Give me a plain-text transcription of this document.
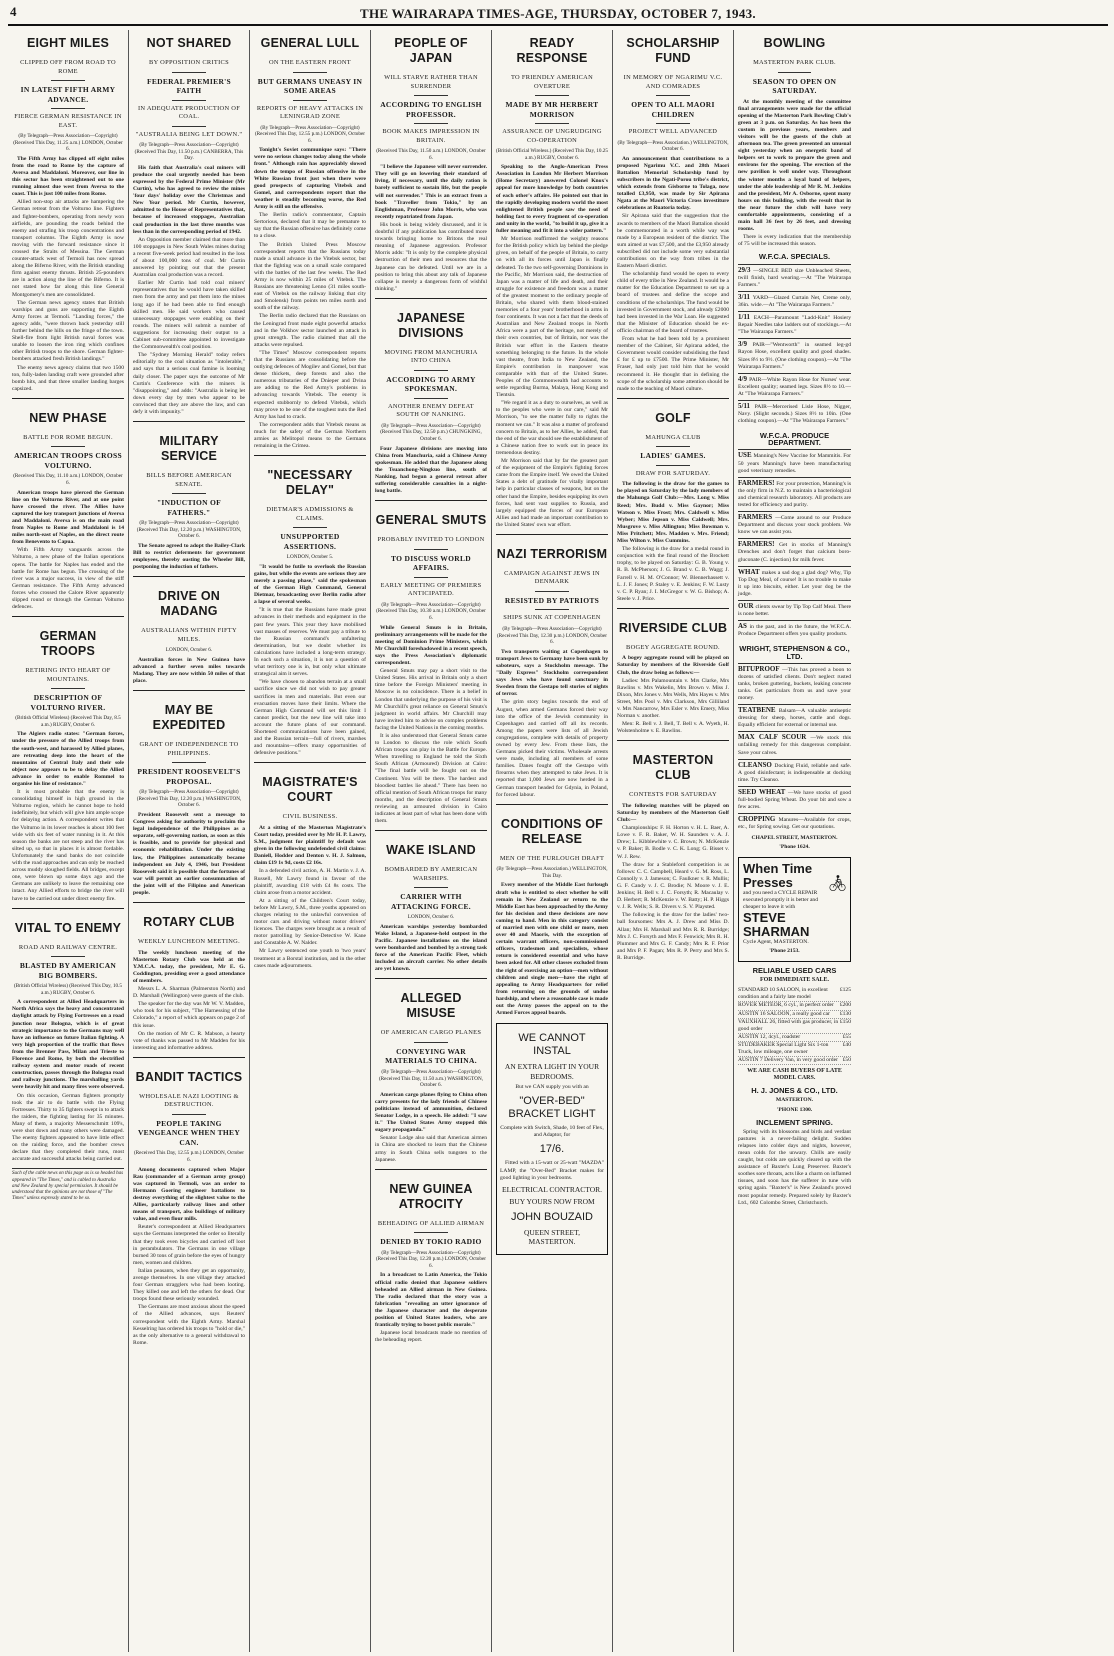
4	THE WAIRARAPA TIMES-AGE, THURSDAY, OCTOBER 7, 1943.
EIGHT MILES
CLIPPED OFF FROM ROAD TO ROME
IN LATEST FIFTH ARMY ADVANCE.
FIERCE GERMAN RESISTANCE IN EAST.
(By Telegraph—Press Association—Copyright) (Received This Day, 11.25 a.m.) LONDON, October 6.
The Fifth Army has clipped off eight miles from the road to Rome by the capture of Aversa and Maddaloni. Moreover, our line in this sector has been straightened out to one running almost due west from Aversa to the coast. This is just 100 miles from Rome.
Allied non-stop air attacks are hampering the German retreat from the Volturno line. Fighters and fighter-bombers, operating from newly won airfields, are pounding the roads behind the enemy and strafing his troop concentrations and transport columns. The Eighth Army is now moving with the forward resistance since it crossed the Straits of Messina. The German counter-attack west of Termoli has now spread along the Biferno River, with the British standing firm against enemy thrusts. British 25-pounders are in action along the line of the Biferno. It is not stated how far along this line General Montgomery's men are consolidated.
The German news agency states that British warships and guns are supporting the Eighth Army forces at Termoli. "Landing forces," the agency adds, "were thrown back yesterday still further behind the hills on the fringe of the town. Shell-fire from light British naval forces was unable to loosen the iron ring which confines other British troops to the shore. German fighter-bombers attacked fresh British landings."
The enemy news agency claims that two 1500 ton, fully-laden landing craft were grounded after bomb hits, and that three smaller landing barges capsized.
NEW PHASE
BATTLE FOR ROME BEGUN.
AMERICAN TROOPS CROSS VOLTURNO.
(Received This Day, 11.10 a.m.) LONDON, October 6.
American troops have pierced the German line on the Volturno River, and at one point have crossed the river. The Allies have captured the key transport junctions of Aversa and Maddaloni. Aversa is on the main road from Naples to Rome and Maddaloni is 14 miles north-east of Naples, on the direct route from Benevento to Capua.
With Fifth Army vanguards across the Volturno, a new phase of the Italian operations opens. The battle for Naples has ended and the battle for Rome has begun. The crossing of the river was a major success, in view of the stiff German resistance. The Fifth Army advanced forces who crossed the Calore River apparently slipped round or through the German Volturno defences.
GERMAN TROOPS
RETIRING INTO HEART OF MOUNTAINS.
DESCRIPTION OF VOLTURNO RIVER.
(British Official Wireless) (Received This Day, 8.5 a.m.) RUGBY, October 6.
The Algiers radio states: "German forces, under the pressure of the Allied troops from the south-west, and harassed by Allied planes, are retreating deep into the heart of the mountains of Central Italy and their sole object now appears to be to delay the Allied advance in order to enable Rommel to organise his line of resistance."
It is most probable that the enemy is consolidating himself in high ground in the Volturno region, which he cannot hope to hold indefinitely, but which will give him ample scope for delaying action. A correspondent writes that the Volturno in its lower reaches is about 100 feet wide with six feet of water running in it. At this season the banks are not steep and the river has silted up, so that in places it is almost fordable. Unfortunately the sand banks do not coincide with the road approaches and can only be reached across muddy sloughed fields. All bridges, except one, were blown up some days ago and the Germans are unlikely to leave the remaining one intact. Any Allied efforts to bridge the river will have to be carried out under direct enemy fire.
VITAL TO ENEMY
ROAD AND RAILWAY CENTRE.
BLASTED BY AMERICAN BIG BOMBERS.
(British Official Wireless) (Received This Day, 10.5 a.m.) RUGBY, October 6.
A correspondent at Allied Headquarters in North Africa says the heavy and concentrated daylight attack by Flying Fortresses on a road junction near Bologna, which is of great strategic importance to the Germans may well have an influence on future Italian fighting. A very high proportion of the traffic that flows from the Brenner Pass, Milan and Trieste to Florence and Rome, by both the electrified railway system and motor roads of recent construction, passes through the Bologna road and railway junctions. The marshalling yards were heavily hit and many fires were observed.
On this occasion, German fighters promptly took the air to do battle with the Flying Fortresses. Thirty to 35 fighters swept in to attack the raiders, the fighting lasting for 35 minutes. Many of them, a majority Messerschmitt 109's, were shot down and many others were damaged. The enemy fighters appeared to have little effect on the raiding force, and the bomber crews declare that they completed their runs, most accurate and successful attacks being carried out.
Such of the cable news on this page as is so headed has appeared in "The Times," and is cabled to Australia and New Zealand by special permission. It should be understood that the opinions are not those of "The Times" unless expressly stated to be so.
NOT SHARED
BY OPPOSITION CRITICS
FEDERAL PREMIER'S FAITH
IN ADEQUATE PRODUCTION OF COAL.
"AUSTRALIA BEING LET DOWN."
(By Telegraph—Press Association—Copyright) (Received This Day, 11.50 p.m.) CANBERRA, This Day.
His faith that Australia's coal miners will produce the coal urgently needed has been expressed by the Federal Prime Minister (Mr Curtin), who has agreed to review the mines 'four days' holiday over the Christmas and New Year period. Mr Curtin, however, admitted to the House of Representatives that, because of increased stoppages, Australian coal production in the last three months was less than in the corresponding period of 1942.
An Opposition member claimed that more than 100 stoppages in New South Wales mines during a recent five-week period had resulted in the loss of about 100,000 tons of coal. Mr Curtin answered by pointing out that the present Australian coal production was a record.
Earlier Mr Curtin had told coal miners' representatives that he would have taken skilled men from the army and put them into the mines long ago if he had been able to find enough skilled men. He said workers who caused unnecessary stoppages were enabling on their rounds. The miners will submit a number of suggestions for increasing their output to a Cabinet sub-committee appointed to investigate the Commonwealth's coal position.
The "Sydney Morning Herald" today refers editorially to the coal situation as "intolerable," and says that a serious coal famine is looming daily closer. The paper says the outcome of Mr Curtin's Conference with the miners is "disappointing," and adds: "Australia is being let down every day by men who appear to be convinced that they are above the law, and can defy it with impunity."
MILITARY SERVICE
BILLS BEFORE AMERICAN SENATE.
"INDUCTION OF FATHERS."
(By Telegraph—Press Association—Copyright) (Received This Day, 12.20 p.m.) WASHINGTON, October 6.
The Senate agreed to adopt the Bailey-Clark Bill to restrict deferments for government employees, thereby ousting the Wheeler Bill, postponing the induction of fathers.
DRIVE ON MADANG
AUSTRALIANS WITHIN FIFTY MILES.
LONDON, October 6.
Australian forces in New Guinea have advanced a further seven miles towards Madang. They are now within 50 miles of that place.
MAY BE EXPEDITED
GRANT OF INDEPENDENCE TO PHILIPPINES.
PRESIDENT ROOSEVELT'S PROPOSAL.
(By Telegraph—Press Association—Copyright) (Received This Day, 12.20 p.m.) WASHINGTON, October 6.
President Roosevelt sent a message to Congress asking for authority to proclaim the legal independence of the Philippines as a separate, self-governing nation, as soon as this is feasible, and to provide for physical and economic rehabilitation. Under the existing law, the Philippines automatically became independent on July 4, 1946, but President Roosevelt said it is possible that the fortunes of war will permit an earlier consummation of the joint will of the Filipino and American people.
ROTARY CLUB
WEEKLY LUNCHEON MEETING.
The weekly luncheon meeting of the Masterton Rotary Club was held at the Y.M.C.A. today, the president, Mr E. G. Coddington, presiding over a good attendance of members.
Messrs L. A. Sharman (Palmerston North) and D. Marshall (Wellington) were guests of the club.
The speaker for the day was Mr W. V. Madden, who took for his subject, "The Harnessing of the Colorado," a report of which appears on page 2 of this issue.
On the motion of Mr C. R. Mabson, a hearty vote of thanks was passed to Mr Madden for his interesting and informative address.
BANDIT TACTICS
WHOLESALE NAZI LOOTING & DESTRUCTION.
PEOPLE TAKING VENGEANCE WHEN THEY CAN.
(Received This Day, 12.55 p.m.) LONDON, October 6.
Among documents captured when Major Rau (commander of a German army group) was captured in Termoli, was an order to Hermann Goering engineer battalions to destroy everything of the slightest value to the Allies, particularly railway lines and other means of transport, also buildings of military value, and even flour mills.
Reuter's correspondent at Allied Headquarters says the Germans interpreted the order so literally that they took even bicycles and carried off loot in perambulators. The Germans in one village burned 30 tons of grain before the eyes of hungry men, women and children.
Italian peasants, when they get an opportunity, avenge themselves. In one village they attacked four German stragglers who had been looting. They killed one and left the others for dead. Our troops found these seriously wounded.
The Germans are most anxious about the speed of the Allied advances, says Reuters' correspondent with the Eighth Army. Marshal Kesselring has ordered his troops to "hold or die," as the only alternative to a general withdrawal to Rome.
GENERAL LULL
ON THE EASTERN FRONT
BUT GERMANS UNEASY IN SOME AREAS
REPORTS OF HEAVY ATTACKS IN LENINGRAD ZONE
(By Telegraph—Press Association—Copyright) (Received This Day, 12.55 p.m.) LONDON, October 6.
Tonight's Soviet communique says: "There were no serious changes today along the whole front." Although rain has appreciably slowed down the tempo of Russian offensive in the White Russian front just when there were good prospects of capturing Vitebsk and Gomel, and correspondents report that the weather is steadily becoming worse, the Red Army is still on the offensive.
The Berlin radio's commentator, Captain Sertorious, declared that it may be premature to say that the Russian offensive has definitely come to a close.
The British United Press Moscow correspondent reports that the Russians today made a small advance in the Vitebsk sector, but that the fighting was on a small scale compared with the battles of the last few weeks. The Red Army is now within 25 miles of Vitebsk. The Russians are threatening Lenno (31 miles south-east of Vitebsk on the railway linking that city and Smolensk) from points ten miles north and south of the railway.
The Berlin radio declared that the Russians on the Leningrad front made eight powerful attacks and in the Volkhov sector launched an attack in great strength. The radio claimed that all the attacks were repulsed.
"The Times" Moscow correspondent reports that the Russians are consolidating before the outlying defences of Mogilev and Gomel, but that dense thickets, deep forests and also the numerous tributaries of the Dnieper and Dvina are adding to the Red Army's problems in advancing towards Vitebsk. The enemy is expected stubbornly to defend Vitebsk, which may prove to be one of the toughest nuts the Red Army has had to crack.
The correspondent adds that Vitebsk means as much for the safety of the German Northern armies as Melitopol means to the Germans remaining in the Crimea.
"NECESSARY DELAY"
DIETMAR'S ADMISSIONS & CLAIMS.
UNSUPPORTED ASSERTIONS.
LONDON, October 5.
"It would be futile to overlook the Russian gains, but while the events are serious they are merely a passing phase," said the spokesman of the German High Command, General Dietmar, broadcasting over Berlin radio after a lapse of several weeks.
"It is true that the Russians have made great advances in their methods and equipment in the past few years. This year they have mobilised vast masses of reserves. We must pay a tribute to the Russian command's unfaltering determination, but we doubt whether its calculations have included a long-term strategy. In each such a situation, it is not a question of what territory one is in, but only what ultimate strategical aim it serves.
"We have chosen to abandon terrain at a small sacrifice since we did not wish to pay greater sacrifices in men and materials. But even our evacuation moves have their limits. Where the German High Command will set this limit I cannot predict, but the new line will take into account the future plans of our command. Shortened communications have been gained, and the Russian terrain—full of rivers, marshes and mountains—offers many opportunities of defensive positions."
MAGISTRATE'S COURT
CIVIL BUSINESS.
At a sitting of the Masterton Magistrate's Court today, presided over by Mr H. P. Lawry, S.M., judgment for plaintiff by default was given in the following undefended civil claims: Daniell, Hodder and Denton v. H. J. Salmon, claim £19 1s 9d, costs £2 16s.
In a defended civil action, A. H. Martin v. J. A. Russell, Mr Lawry found in favour of the plaintiff, awarding £18 with £4 8s costs. The claim arose from a motor accident.
At a sitting of the Children's Court today, before Mr Lawry, S.M., three youths appeared on charges relating to the unlawful conversion of motor cars and driving without motor drivers' licences. The charges were brought as a result of motor patrolling by Senior-Detective W. Kane and Constable A. W. Nalder.
Mr Lawry sentenced one youth to 'two years' treatment at a Borstal institution, and in the other cases made adjournments.
PEOPLE OF JAPAN
WILL STARVE RATHER THAN SURRENDER
ACCORDING TO ENGLISH PROFESSOR.
BOOK MAKES IMPRESSION IN BRITAIN.
(Received This Day, 11.50 a.m.) LONDON, October 6.
"I believe the Japanese will never surrender. They will go on lowering their standard of living, if necessary, until the daily ration is barely sufficient to sustain life, but the people will not surrender." This is an extract from a book "Traveller from Tokio," by an Englishman, Professor John Morris, who was recently repatriated from Japan.
His book is being widely discussed, and it is doubtful if any publication has contributed more towards bringing home to Britons the real meaning of Japanese aggression. Professor Morris adds: "It is only by the complete physical destruction of their men and resources that the Japanese can be defeated. Until we are in a position to bring this about any talk of Japanese collapse is merely a dangerous form of wishful thinking."
JAPANESE DIVISIONS
MOVING FROM MANCHURIA INTO CHINA
ACCORDING TO ARMY SPOKESMAN.
ANOTHER ENEMY DEFEAT SOUTH OF NANKING.
(By Telegraph—Press Association—Copyright) (Received This Day, 12.50 p.m.) CHUNGKING, October 6.
Four Japanese divisions are moving into China from Manchuria, said a Chinese Army spokesman. He added that the Japanese along the Tsuanchong-Ningkuo line, south of Nanking, had begun a general retreat after suffering considerable casualties in a night-long battle.
GENERAL SMUTS
PROBABLY INVITED TO LONDON
TO DISCUSS WORLD AFFAIRS.
EARLY MEETING OF PREMIERS ANTICIPATED.
(By Telegraph—Press Association—Copyright) (Received This Day, 10.30 a.m.) LONDON, October 6.
While General Smuts is in Britain, preliminary arrangements will be made for the meeting of Dominion Prime Ministers, which Mr Churchill foreshadowed in a recent speech, says the Press Association's diplomatic correspondent.
General Smuts may pay a short visit to the United States. His arrival in Britain only a short time before the Foreign Ministers' meeting in Moscow is no coincidence. There is a belief in London that underlying the purpose of his visit is Mr Churchill's great reliance on General Smuts's judgment in world affairs. Mr Churchill may have invited him to advise on complex problems facing the United Nations in the coming months.
It is also understood that General Smuts came to London to discuss the role which South African troops can play in the Battle for Europe. When travelling to England he told the Sixth South African (Armoured) Division at Cairo: "The final battle will be fought out on the Continent. You will be there. The hardest and bloodiest battles lie ahead." There has been no official mention of South African troops for many months, and the description of General Smuts reviewing an armoured division in Cairo indicates at least part of what has been done with them.
WAKE ISLAND
BOMBARDED BY AMERICAN WARSHIPS.
CARRIER WITH ATTACKING FORCE.
LONDON, October 6.
American warships yesterday bombarded Wake Island, a Japanese-held outpost in the Pacific. Japanese installations on the island were bombarded and bombed by a strong task force of the American Pacific Fleet, which included an aircraft carrier. No other details are yet known.
ALLEGED MISUSE
OF AMERICAN CARGO PLANES
CONVEYING WAR MATERIALS TO CHINA.
(By Telegraph—Press Association—Copyright) (Received This Day, 11.50 a.m.) WASHINGTON, October 6.
American cargo planes flying to China often carry presents for the lady friends of Chinese politicians instead of ammunition, declared Senator Lodge, in a speech. He added: "I saw it." The United States Army stopped this sugary propaganda."
Senator Lodge also said that American airmen in China are shocked to learn that the Chinese army in South China sells tungsten to the Japanese.
NEW GUINEA ATROCITY
BEHEADING OF ALLIED AIRMAN
DENIED BY TOKIO RADIO
(By Telegraph—Press Association—Copyright) (Received This Day, 12.20 p.m.) LONDON, October 6.
In a broadcast to Latin America, the Tokio official radio denied that Japanese soldiers beheaded an Allied airman in New Guinea. The radio declared that the story was a fabrication "revealing an utter ignorance of the Japanese character and the desperate position of United States leaders, who are frantically trying to boost public morale."
Japanese local broadcasts made no mention of the beheading report.
READY RESPONSE
TO FRIENDLY AMERICAN OVERTURE
MADE BY MR HERBERT MORRISON
ASSURANCE OF UNGRUDGING CO-OPERATION
(British Official Wireless.) (Received This Day, 10.25 a.m.) RUGBY, October 6.
Speaking to the Anglo-American Press Association in London Mr Herbert Morrison (Home Secretary) answered Colonel Knox's appeal for more knowledge by both countries of each other's affairs. He pointed out that in the rapidly developing modern world the most enlightened British people saw the need of holding fast to every fragment of co-operation and unity in the world, "to build it up, give it a fuller meaning and fit it into a wider pattern."
Mr Morrison reaffirmed the weighty reasons for the British policy which lay behind the pledge given, on behalf of the people of Britain, to carry on with all its forces until Japan is finally defeated. To the two self-governing Dominions in the Pacific, Mr Morrison said, the destruction of Japan was a matter of life and death, and their struggle for existence and freedom was a matter of the greatest moment to the ordinary people of Britain, who shared with them blood-stained memories of a four years' brotherhood in arms in four continents. It was not a fact that the deeds of Australian and New Zealand troops in North Africa were a part of the heritage, not merely of their own countries, but of Britain, nor was the British war effort in the Eastern theatre something belonging to the future. In the whole vast theatre, from India to New Zealand, the Empire's contribution in manpower was comparable with that of the United States. Peoples of the Commonwealth had accounts to settle regarding Burma, Malaya, Hong Kong and Tientsin.
"We regard it as a duty to ourselves, as well as to the peoples who were in our care," said Mr Morrison, "to see the matter fully to rights the moment we can." It was also a matter of profound concern to Britain, as to her Allies, he added, that the end of the war should see the establishment of a Chinese nation free to work out in peace its tremendous destiny.
Mr Morrison said that by far the greatest part of the equipment of the Empire's fighting forces came from the Empire itself. We owed the United States a debt of gratitude for vitally important help in particular classes of weapons, but on the other hand the Empire, besides equipping its own forces, had sent vast supplies to Russia, and largely equipped the forces of our European Allies and had made an important contribution to the United States' own war effort.
NAZI TERRORISM
CAMPAIGN AGAINST JEWS IN DENMARK
RESISTED BY PATRIOTS
SHIPS SUNK AT COPENHAGEN
(By Telegraph—Press Association—Copyright) (Received This Day, 12.30 p.m.) LONDON, October 6.
Two transports waiting at Copenhagen to transport Jews to Germany have been sunk by saboteurs, says a Stockholm message. The "Daily Express" Stockholm correspondent says Jews who have found sanctuary in Sweden from the Gestapo tell stories of nights of terror.
The grim story begins towards the end of August, when armed Germans forced their way into the office of the Jewish community in Copenhagen and carried off all its records. Among the papers were lists of all Jewish congregations, complete with details of property owned by every Jew. From these lists, the Germans picked their victims. Wholesale arrests were made, including all members of some families. Danes fought off the Gestapo with firearms when they attempted to take Jews. It is reported that 1,000 Jews are now herded in a German transport headed for Gdynia, in Poland, for forced labour.
CONDITIONS OF RELEASE
MEN OF THE FURLOUGH DRAFT
(By Telegraph—Press Association.) WELLINGTON, This Day.
Every member of the Middle East furlough draft who is entitled to elect whether he will remain in New Zealand or return to the Middle East has been approached by the Army for his decision and these decisions are now coming to hand. Men in this category consist of married men with one child or more, men over 40 and Maoris, with the exception of certain warrant officers, non-commissioned officers, tradesmen and specialists, whose return is considered essential and who have been asked for. All other classes excluded from the right of exercising an option—men without children and single men—have the right of appealing to Army Headquarters for relief from returning on the grounds of undue hardship, and where a reasonable case is made out the Army passes the appeal on to the Armed Forces appeal boards.
WE CANNOT INSTAL
AN EXTRA LIGHT IN YOUR BEDROOMS.
But we CAN supply you with an
"OVER-BED" BRACKET LIGHT
Complete with Switch, Shade, 10 feet of Flex, and Adaptor, for
17/6.
Fitted with a 15-watt or 25-watt "MAZDA" LAMP, the "Over-Bed" Bracket makes for good lighting in your bedrooms.
ELECTRICAL CONTRACTOR.
BUY YOURS NOW FROM
JOHN BOUZAID
QUEEN STREET, MASTERTON.
SCHOLARSHIP FUND
IN MEMORY OF NGARIMU V.C. AND COMRADES
OPEN TO ALL MAORI CHILDREN
PROJECT WELL ADVANCED
(By Telegraph—Press Association.) WELLINGTON, October 6.
An announcement that contributions to a proposed Ngarimu V.C. and 28th Maori Battalion Memorial Scholarship fund by subscribers in the Ngati-Porou tribe's district, which extends from Gisborne to Tolaga, now totalled £3,950, was made by Sir Apirana Ngata at the Maori Victoria Cross investiture celebrations at Ruatoria today.
Sir Apirana said that the suggestion that the awards to members of the Maori Battalion should be commemorated in a worth while way was made by a European resident of the district. The sum aimed at was £7,500, and the £3,950 already subscribed did not include some very substantial contributions on the way from tribes in the Eastern Maori district.
The scholarship fund would be open to every child of every tribe in New Zealand. It would be a matter for the Education Department to set up a board of trustees and define the scope and conditions of the scholarships. The fund would be invested in Government stock, and already £2000 had been invested in the War Loan. He suggested that the Minister of Education should be ex-officio chairman of the board of trustees.
From what he had been told by a prominent member of the Cabinet, Sir Apirana added, the Government would consider subsidising the fund £ for £ up to £7500. The Prime Minister, Mr Fraser, had only just told him that he would recommend it. He thought that in defining the scope of the scholarship some attention should be made to the teaching of Maori culture.
GOLF
MAHUNGA CLUB
LADIES' GAMES.
DRAW FOR SATURDAY.
The following is the draw for the games to be played on Saturday by the lady members of the Mahunga Golf Club:—Mrs. Long v. Miss Reed; Mrs. Budd v. Miss Gaynor; Miss Watson v. Miss Frost; Mrs. Caldwell v. Miss Wyber; Miss Jepson v. Miss Caldwell; Mrs. Musgrove v. Miss Allington; Miss Bowman v. Miss Pritchett; Mrs. Madden v. Mrs. Friend; Miss Wilton v. Miss Cummins.
The following is the draw for a medal round in conjunction with the final round of the Brockett trophy, to be played on Saturday: G. B. Young v. R. B. McPherson; J. G. Brand v. C. B. Wagg; J. Farrell v. H. M. O'Connor; W. Blennerhassett v. L. J. F. Jones; P. Staley v. E. Jenkins; F. W. Lusty v. C. P. Ryan; J. I. McGregor v. W. G. Bishop; A. Steele v. J. Price.
RIVERSIDE CLUB
BOGEY AGGREGATE ROUND.
A bogey aggregate round will be played on Saturday by members of the Riverside Golf Club, the draw being as follows:—
Ladies: Mrs Palamountain v. Mrs Clarke, Mrs Rawlins v. Mrs Wakelin, Mrs Brown v. Miss J. Dixon, Mrs Jones v. Mrs Wells, Mrs Hayes v. Mrs Street, Mrs Pool v. Mrs Clarkson, Mrs Gilliland v. Mrs Nancarrow, Mrs Esler v. Mrs Emery, Miss Norman v. another.
Men: R. Bell v. J. Bell, T. Bell v. A. Wyeth, H. Wolstenholme v. E. Rawlins.
MASTERTON CLUB
CONTESTS FOR SATURDAY
The following matches will be played on Saturday by members of the Masterton Golf Club:—
Championships: F. H. Horton v. H. L. Baer, A. Lowe v. F. R. Baker, W. H. Saunders v. A. J. Drew; L. Kibblewhite v. C. Brown; N. McKenzie v. P. Baker; B. Bodle v. C. K. Long; G. Bisset v. W. J. Rew.
The draw for a Stableford competition is as follows: C. C. Campbell, Heard v. G. M. Ross, L. Connolly v. J. Jameson; C. Faulkner v. R. Mullis; G. F. Candy v. J. C. Brodie; N. Moore v. J. E. Jenkins; H. Bell v. J. C. Forsyth; R. Macaulay v. D. Herbert; R. McKenzie v. W. Batty; H. P. Higgs v. J. R. Wells; S. R. Divers v. S. V. Playsted.
The following is the draw for the ladies' two-ball foursomes: Mrs A. J. Drew and Miss D. Allan; Mrs H. Marshall and Mrs R. R. Burridge; Mrs J. C. Forsyth and Mrs F. Fenwick; Mrs R. H. Plummer and Mrs G. F. Candy; Mrs R. F. Prior and Mrs P. F. Pagan; Mrs R. P. Perry and Mrs S. R. Burridge.
BOWLING
MASTERTON PARK CLUB.
SEASON TO OPEN ON SATURDAY.
At the monthly meeting of the committee final arrangements were made for the official opening of the Masterton Park Bowling Club's green at 3 p.m. on Saturday. As has been the custom in previous years, members and visitors will be the guests of the club at afternoon tea. The green presented an unusual sight yesterday when an energetic band of helpers set to work to prepare the green and environs for the opening. The erection of the new pavilion is well under way. Throughout the winter months a loyal band of helpers, under the able leadership of Mr R. M. Jenkins and the president, Mr A. Osborne, spent many hours on this building, with the result that in the near future the club will have very comfortable appointments, consisting of a main hall 36 feet by 26 feet, and dressing rooms.
There is every indication that the membership of 75 will be increased this season.
W.F.C.A. SPECIALS.
29/3 —SINGLE BED size Unbleached Sheets, twill finish, hard wearing.—At "The Wairarapa Farmers."
3/11 YARD—Glazed Curtain Net, Creme only, 36in. wide.—At "The Wairarapa Farmers."
1/11 EACH—Paramount "Ladd-Knit" Hosiery Repair Needles take ladders out of stockings.—At "The Wairarapa Farmers."
3/9 PAIR—"Wentworth" in seamed leg-gd Rayon Hose, excellent quality and good shades. Sizes 8½ to 9½. (One clothing coupon).—At "The Wairarapa Farmers."
4/9 PAIR—White Rayon Hose for Nurses' wear. Excellent quality; seamed legs. Sizes 8½ to 10.—At "The Wairarapa Farmers."
5/11 PAIR—Mercerised Lisle Hose, Nigger, Navy. (Slight seconds.) Sizes 8½ to 10in. (One clothing coupon).—At "The Wairarapa Farmers."
W.F.C.A. PRODUCE DEPARTMENT.
USE Manning's New Vaccine for Mammitis. For 50 years Manning's have been manufacturing good veterinary remedies.
FARMERS! For your protection, Manning's is the only firm in N.Z. to maintain a bacteriological and chemical research laboratory. All products are tested for efficiency and purity.
FARMERS —Come around to our Produce Department and discuss your stock problem. We know we can assist you.
FARMERS! Get in stocks of Manning's Drenches and don't forget that calcium boro-gluconate (C. injection) for milk fever.
WHAT makes a sad dog a glad dog? Why, Tip Top Dog Meal, of course! It is no trouble to make it up into biscuits, either. Let your dog be the judge.
OUR clients swear by Tip Top Calf Meal. There is none better.
AS in the past, and in the future, the W.F.C.A. Produce Department offers you quality products.
WRIGHT, STEPHENSON & CO., LTD.
BITUPROOF —This has proved a boon to dozens of satisfied clients. Don't neglect rusted tanks, broken guttering, buckets, leaking concrete tanks. Get particulars from us and save your money.
TEATBENE Balsam—A valuable antiseptic dressing for sheep, horses, cattle and dogs. Equally efficient for external or internal use.
MAX CALF SCOUR —We stock this unfailing remedy for this dangerous complaint. Save your calves.
CLEANSO Docking Fluid, reliable and safe. A good disinfectant; is indispensable at docking time. Try Cleanso.
SEED WHEAT —We have stocks of good full-bodied Spring Wheat. Do your bit and sow a few acres.
CROPPING Manures—Available for crops, etc., for Spring sowing. Get our quotations.
CHAPEL STREET, MASTERTON.
'Phone 1624.
When Time Presses
and you need a CYCLE REPAIR executed promptly it is better and cheaper to leave it with
STEVE SHARMAN
Cycle Agent, MASTERTON.
'Phone 2153.
RELIABLE USED CARS
FOR IMMEDIATE SALE.
STANDARD 10 SALOON, in excellent condition and a fairly late model
£125
ROVER METEOR, 6 cyl., in perfect order £200
AUSTIN 16 SALOON, a really good car £130
VAUXHALL 26, fitted with gas producer, in good order
£150
AUSTIN 12, 4cyl., roadster	£55
STUDEBAKER Special Light Six 1-ton Truck, low mileage, one owner
£40
AUSTIN 7 Delivery Van, in very good order £50
WE ARE CASH BUYERS OF LATE MODEL CARS.
H. J. JONES & CO., LTD.
MASTERTON.
'PHONE 1300.
INCLEMENT SPRING.
Spring with its blossoms and birds and verdant pastures is a never-failing delight. Sudden relapses into colder days and nights, however, mean colds for the unwary. Chills are easily caught, but colds are quickly cleared up with the assistance of Baxter's Lung Preserver. Baxter's soothes sore throats, acts like a charm on inflamed tissues, and soon has the sufferer in tune with spring again. "Baxter's" is New Zealand's proved most popular remedy. Prepared solely by Baxter's Ltd., 602 Colombo Street, Christchurch.
